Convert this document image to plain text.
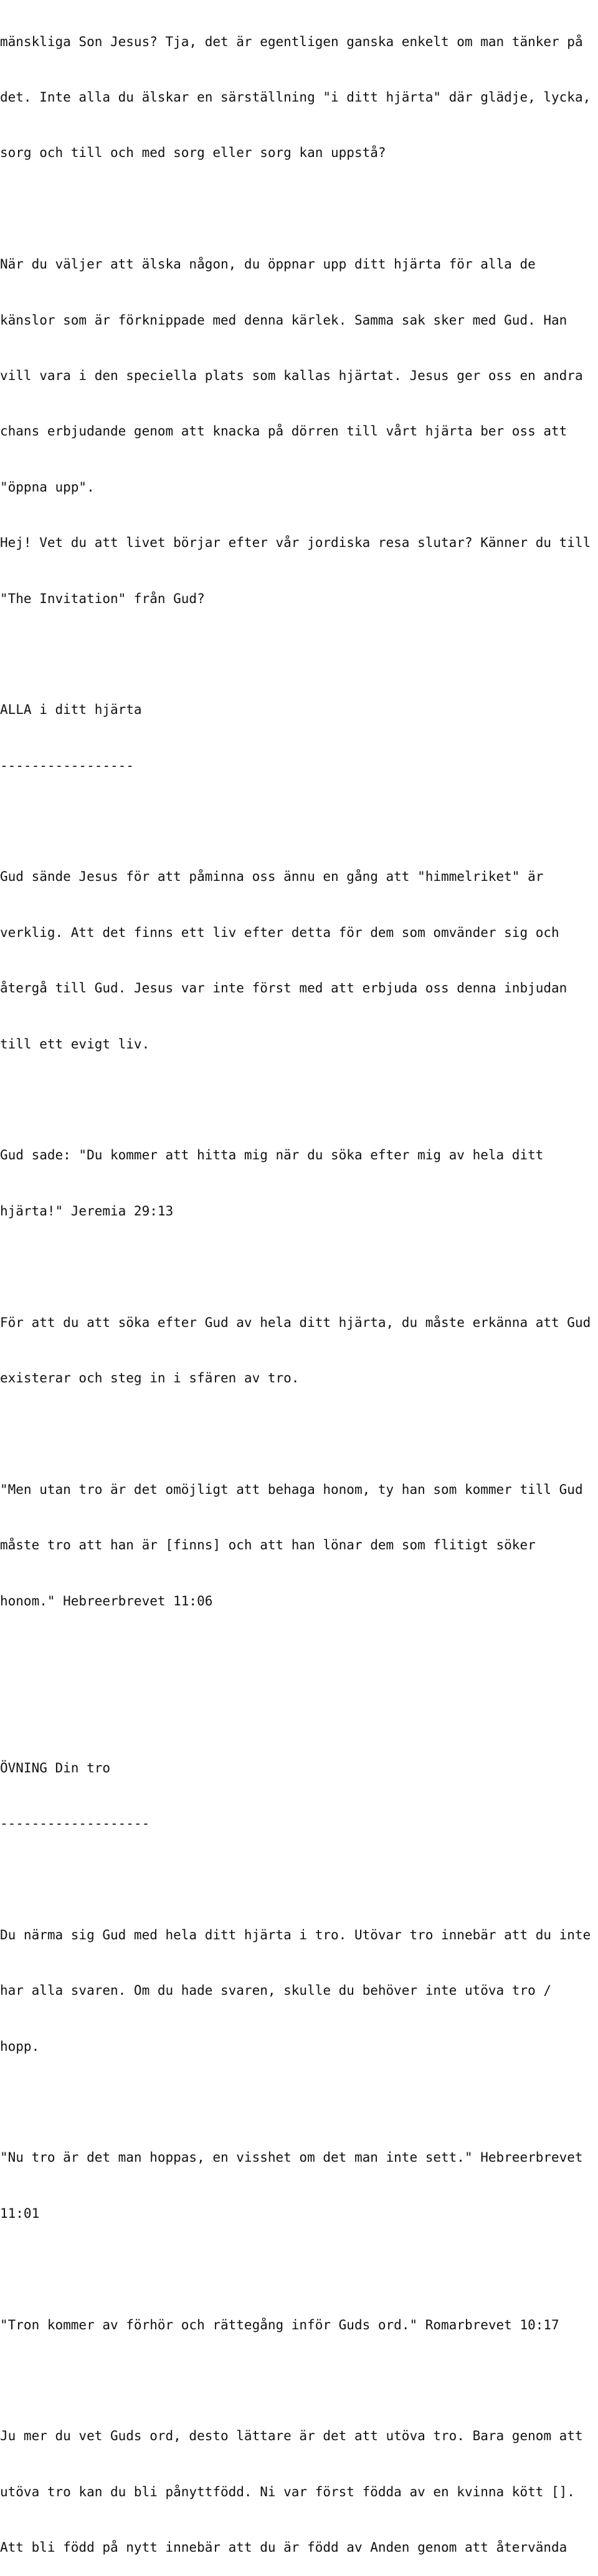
mänskliga Son Jesus? Tja, det är egentligen ganska enkelt om man tänker på

det. Inte alla du älskar en särställning "i ditt hjärta" där glädje, lycka,

sorg och till och med sorg eller sorg kan uppstå?

När du väljer att älska någon, du öppnar upp ditt hjärta för alla de

känslor som är förknippade med denna kärlek. Samma sak sker med Gud. Han

vill vara i den speciella plats som kallas hjärtat. Jesus ger oss en andra

chans erbjudande genom att knacka på dörren till vårt hjärta ber oss att

"öppna upp".

Hej! Vet du att livet börjar efter vår jordiska resa slutar? Känner du till

"The Invitation" från Gud?

ALLA i ditt hjärta

-----------------

Gud sände Jesus för att påminna oss ännu en gång att "himmelriket" är

verklig. Att det finns ett liv efter detta för dem som omvänder sig och

återgå till Gud. Jesus var inte först med att erbjuda oss denna inbjudan

till ett evigt liv.

Gud sade: "Du kommer att hitta mig när du söka efter mig av hela ditt

hjärta!" Jeremia 29:13

För att du att söka efter Gud av hela ditt hjärta, du måste erkänna att Gud

existerar och steg in i sfären av tro.

"Men utan tro är det omöjligt att behaga honom, ty han som kommer till Gud

måste tro att han är [finns] och att han lönar dem som flitigt söker

honom." Hebreerbrevet 11:06

ÖVNING Din tro

-------------------

Du närma sig Gud med hela ditt hjärta i tro. Utövar tro innebär att du inte

har alla svaren. Om du hade svaren, skulle du behöver inte utöva tro /

hopp.

"Nu tro är det man hoppas, en visshet om det man inte sett." Hebreerbrevet

11:01

"Tron kommer av förhör och rättegång inför Guds ord." Romarbrevet 10:17

Ju mer du vet Guds ord, desto lättare är det att utöva tro. Bara genom att

utöva tro kan du bli pånyttfödd. Ni var först födda av en kvinna kött [].

Att bli född på nytt innebär att du är född av Anden genom att återvända
